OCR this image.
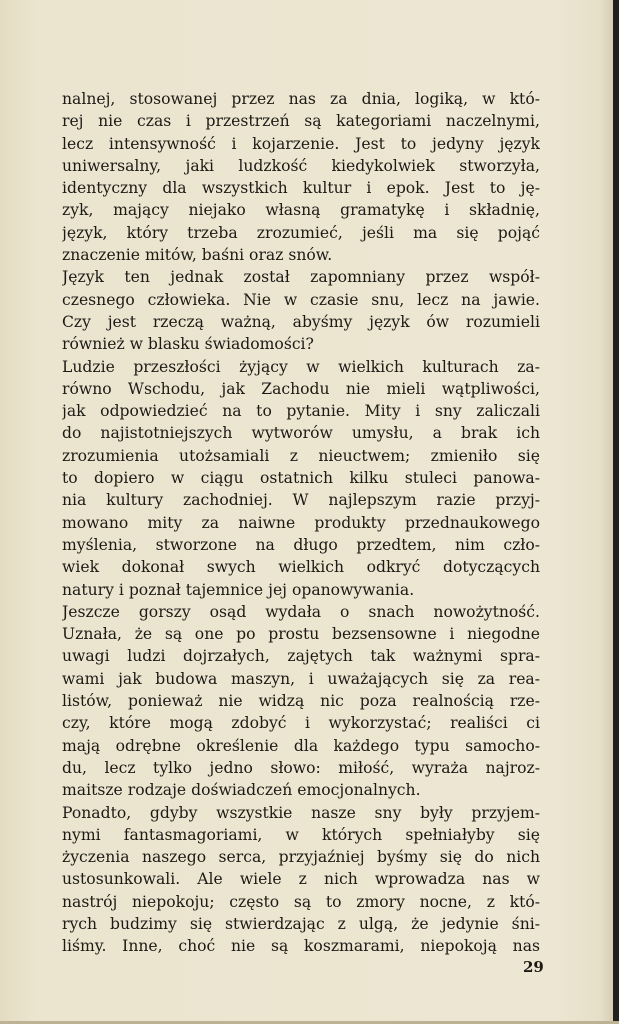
nalnej, stosowanej przez nas za dnia, logiką, w któ-
rej nie czas i przestrzeń są kategoriami naczelnymi,
lecz intensywność i kojarzenie. Jest to jedyny język
uniwersalny, jaki ludzkość kiedykolwiek stworzyła,
identyczny dla wszystkich kultur i epok. Jest to ję-
zyk, mający niejako własną gramatykę i składnię,
język, który trzeba zrozumieć, jeśli ma się pojąć
znaczenie mitów, baśni oraz snów.
Język ten jednak został zapomniany przez współ-
czesnego człowieka. Nie w czasie snu, lecz na jawie.
Czy jest rzeczą ważną, abyśmy język ów rozumieli
również w blasku świadomości?
Ludzie przeszłości żyjący w wielkich kulturach za-
równo Wschodu, jak Zachodu nie mieli wątpliwości,
jak odpowiedzieć na to pytanie. Mity i sny zaliczali
do najistotniejszych wytworów umysłu, a brak ich
zrozumienia utożsamiali z nieuctwem; zmieniło się
to dopiero w ciągu ostatnich kilku stuleci panowa-
nia kultury zachodniej. W najlepszym razie przyj-
mowano mity za naiwne produkty przednaukowego
myślenia, stworzone na długo przedtem, nim czło-
wiek dokonał swych wielkich odkryć dotyczących
natury i poznał tajemnice jej opanowywania.
Jeszcze gorszy osąd wydała o snach nowożytność.
Uznała, że są one po prostu bezsensowne i niegodne
uwagi ludzi dojrzałych, zajętych tak ważnymi spra-
wami jak budowa maszyn, i uważających się za rea-
listów, ponieważ nie widzą nic poza realnością rze-
czy, które mogą zdobyć i wykorzystać; realiści ci
mają odrębne określenie dla każdego typu samocho-
du, lecz tylko jedno słowo: miłość, wyraża najroz-
maitsze rodzaje doświadczeń emocjonalnych.
Ponadto, gdyby wszystkie nasze sny były przyjem-
nymi fantasmagoriami, w których spełniałyby się
życzenia naszego serca, przyjaźniej byśmy się do nich
ustosunkowali. Ale wiele z nich wprowadza nas w
nastrój niepokoju; często są to zmory nocne, z któ-
rych budzimy się stwierdzając z ulgą, że jedynie śni-
liśmy. Inne, choć nie są koszmarami, niepokoją nas
29
